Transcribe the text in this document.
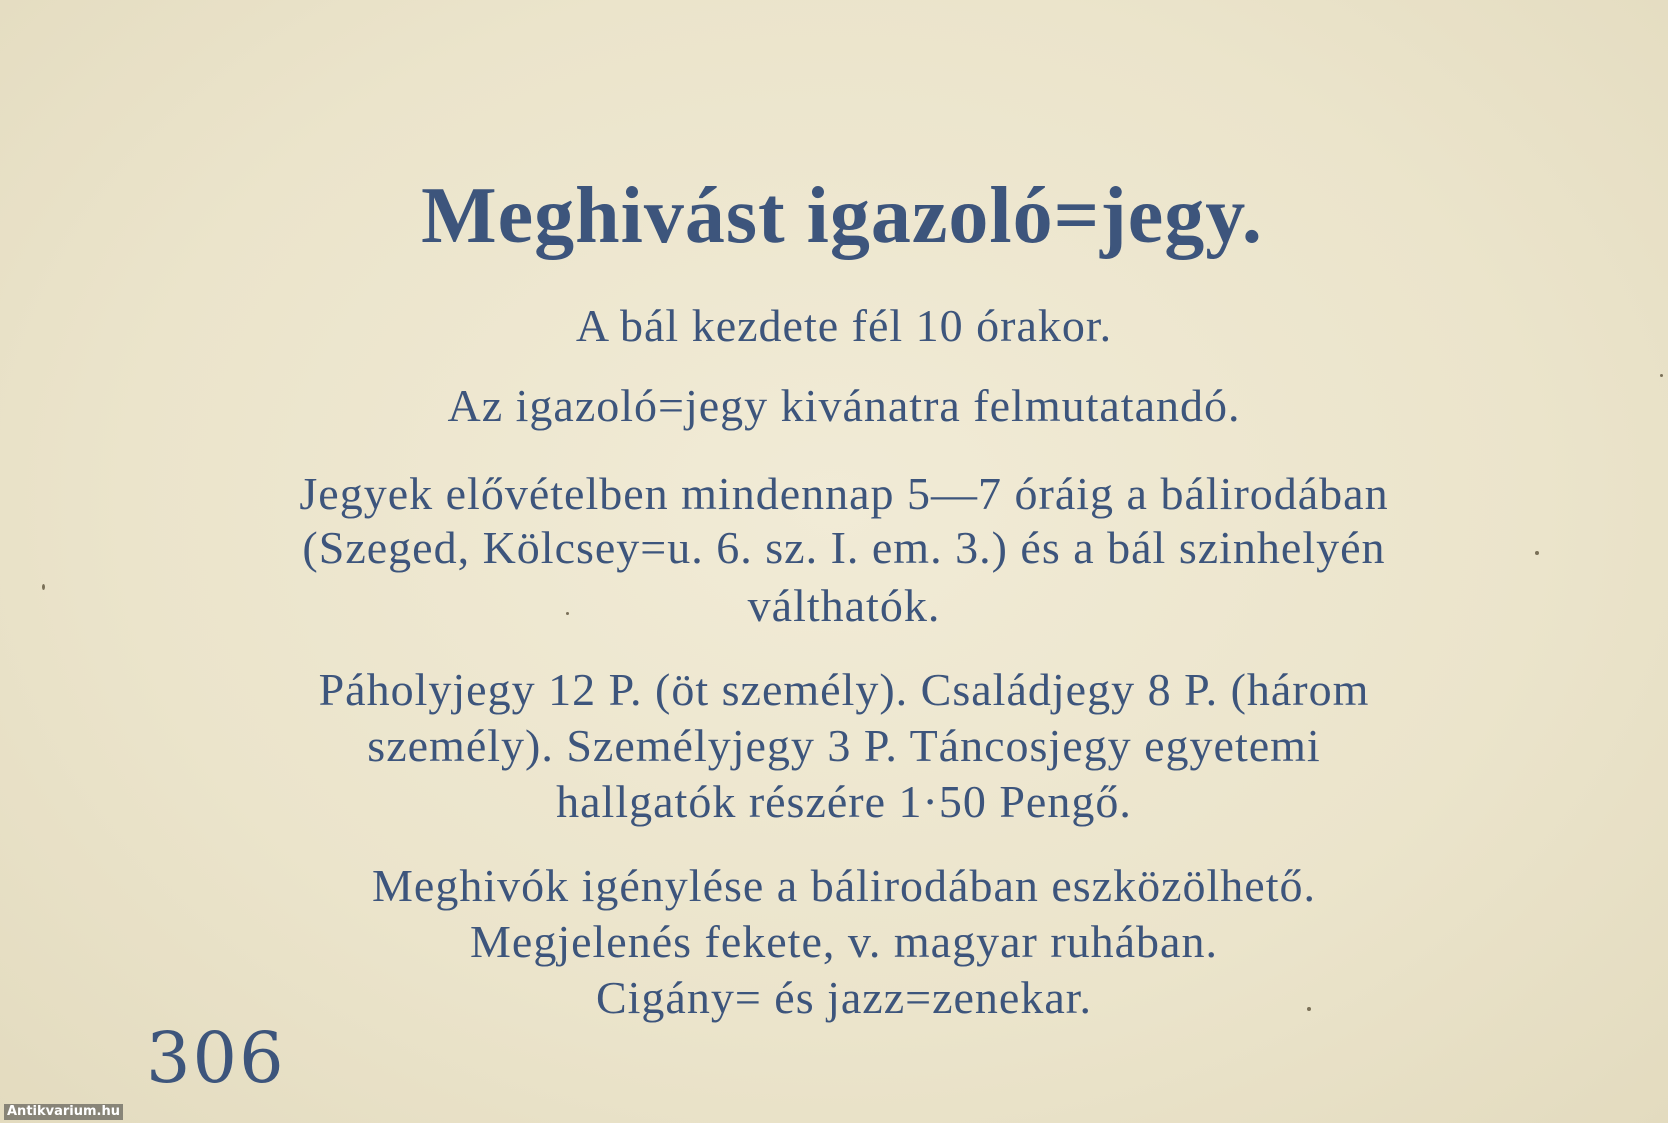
Meghivást igazoló=jegy.
A bál kezdete fél 10 órakor.
Az igazoló=jegy kivánatra felmutatandó.
Jegyek elővételben mindennap 5—7 óráig a bálirodában
(Szeged, Kölcsey=u. 6. sz. I. em. 3.) és a bál szinhelyén
válthatók.
Páholyjegy 12 P. (öt személy). Családjegy 8 P. (három
személy). Személyjegy 3 P. Táncosjegy egyetemi
hallgatók részére 1·50 Pengő.
Meghivók igénylése a bálirodában eszközölhető.
Megjelenés fekete, v. magyar ruhában.
Cigány= és jazz=zenekar.
306
Antikvarium.hu
